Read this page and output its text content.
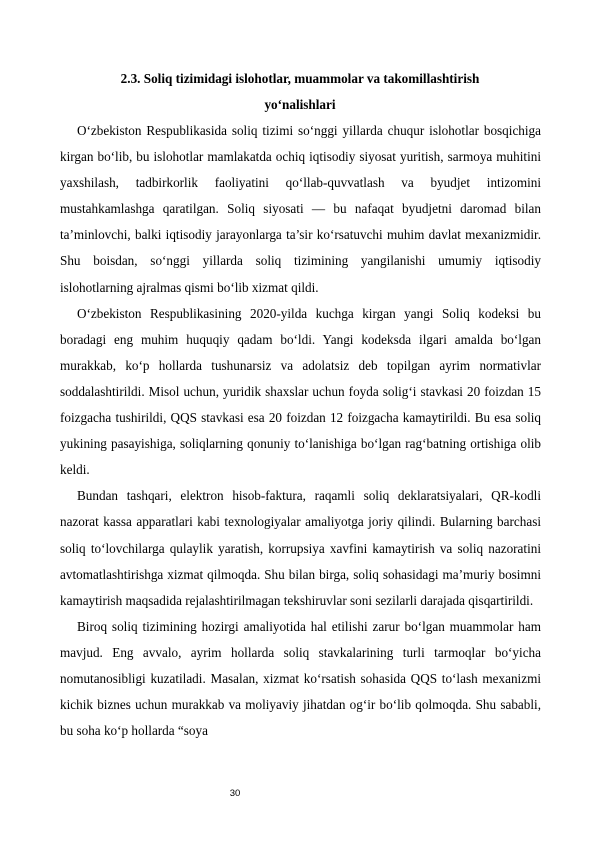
2.3. Soliq tizimidagi islohotlar, muammolar va takomillashtirish
yo‘nalishlari

O‘zbekiston Respublikasida soliq tizimi so‘nggi yillarda chuqur islohotlar bosqichiga kirgan bo‘lib, bu islohotlar mamlakatda ochiq iqtisodiy siyosat yuritish, sarmoya muhitini yaxshilash, tadbirkorlik faoliyatini qo‘llab-quvvatlash va byudjet intizomini mustahkamlashga qaratilgan. Soliq siyosati — bu nafaqat byudjetni daromad bilan ta’minlovchi, balki iqtisodiy jarayonlarga ta’sir ko‘rsatuvchi muhim davlat mexanizmidir. Shu boisdan, so‘nggi yillarda soliq tizimining yangilanishi umumiy iqtisodiy islohotlarning ajralmas qismi bo‘lib xizmat qildi.

O‘zbekiston Respublikasining 2020-yilda kuchga kirgan yangi Soliq kodeksi bu boradagi eng muhim huquqiy qadam bo‘ldi. Yangi kodeksda ilgari amalda bo‘lgan murakkab, ko‘p hollarda tushunarsiz va adolatsiz deb topilgan ayrim normativlar soddalashtirildi. Misol uchun, yuridik shaxslar uchun foyda solig‘i stavkasi 20 foizdan 15 foizgacha tushirildi, QQS stavkasi esa 20 foizdan 12 foizgacha kamaytirildi. Bu esa soliq yukining pasayishiga, soliqlarning qonuniy to‘lanishiga bo‘lgan rag‘batning ortishiga olib keldi.

Bundan tashqari, elektron hisob-faktura, raqamli soliq deklaratsiyalari, QR-kodli nazorat kassa apparatlari kabi texnologiyalar amaliyotga joriy qilindi. Bularning barchasi soliq to‘lovchilarga qulaylik yaratish, korrupsiya xavfini kamaytirish va soliq nazoratini avtomatlashtirishga xizmat qilmoqda. Shu bilan birga, soliq sohasidagi ma’muriy bosimni kamaytirish maqsadida rejalashtirilmagan tekshiruvlar soni sezilarli darajada qisqartirildi.

Biroq soliq tizimining hozirgi amaliyotida hal etilishi zarur bo‘lgan muammolar ham mavjud. Eng avvalo, ayrim hollarda soliq stavkalarining turli tarmoqlar bo‘yicha nomutanosibligi kuzatiladi. Masalan, xizmat ko‘rsatish sohasida QQS to‘lash mexanizmi kichik biznes uchun murakkab va moliyaviy jihatdan og‘ir bo‘lib qolmoqda. Shu sababli, bu soha ko‘p hollarda “soya

30
